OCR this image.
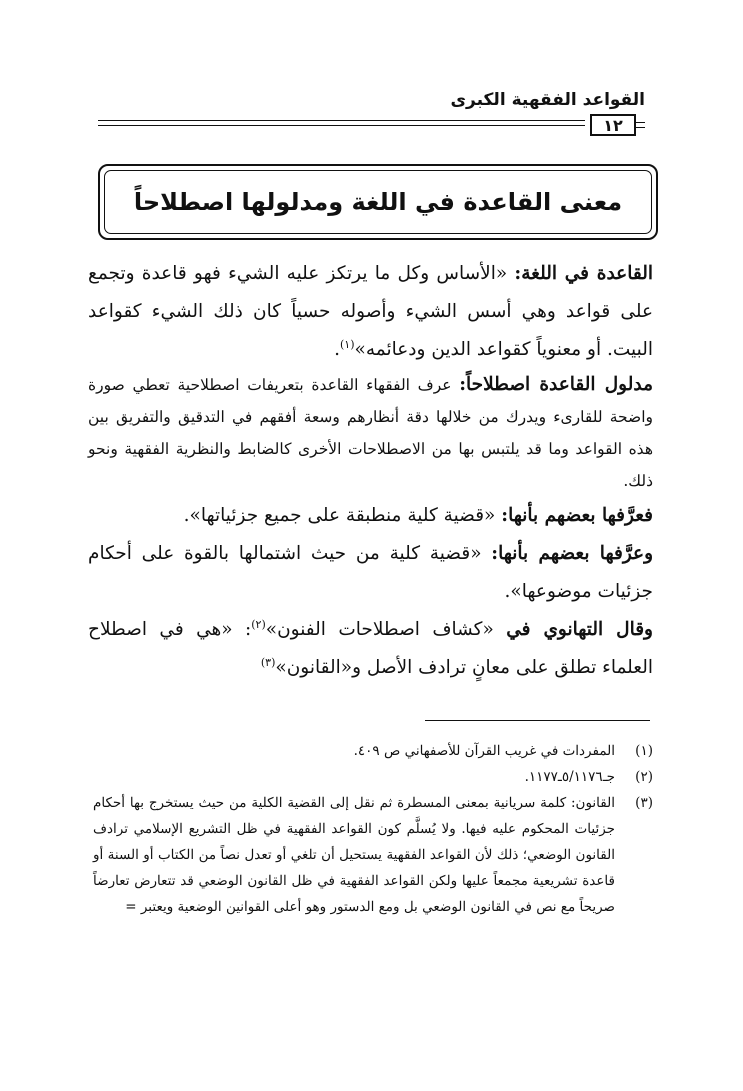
القواعد الفقهية الكبرى
١٢
معنى القاعدة في اللغة ومدلولها اصطلاحاً

القاعدة في اللغة: «الأساس وكل ما يرتكز عليه الشيء فهو قاعدة وتجمع على قواعد وهي أسس الشيء وأصوله حسياً كان ذلك الشيء كقواعد البيت. أو معنوياً كقواعد الدين ودعائمه»$^{(١)}$.

مدلول القاعدة اصطلاحاً: عرف الفقهاء القاعدة بتعريفات اصطلاحية تعطي صورة واضحة للقارىء ويدرك من خلالها دقة أنظارهم وسعة أفقهم في التدقيق والتفريق بين هذه القواعد وما قد يلتبس بها من الاصطلاحات الأخرى كالضابط والنظرية الفقهية ونحو ذلك.

فعرَّفها بعضهم بأنها: «قضية كلية منطبقة على جميع جزئياتها».

وعرَّفها بعضهم بأنها: «قضية كلية من حيث اشتمالها بالقوة على أحكام جزئيات موضوعها».

وقال التهانوي في «كشاف اصطلاحات الفنون»$^{(٢)}$: «هي في اصطلاح العلماء تطلق على معانٍ ترادف الأصل و«القانون»$^{(٣)}$

(١)
المفردات في غريب القرآن للأصفهاني ص ٤٠٩.

(٢)
جـ٥/١١٧٦ـ١١٧٧.

(٣)
القانون: كلمة سريانية بمعنى المسطرة ثم نقل إلى القضية الكلية من حيث يستخرج بها أحكام جزئيات المحكوم عليه فيها. ولا يُسلَّم كون القواعد الفقهية في ظل التشريع الإسلامي ترادف القانون الوضعي؛ ذلك لأن القواعد الفقهية يستحيل أن تلغي أو تعدل نصاً من الكتاب أو السنة أو قاعدة تشريعية مجمعاً عليها ولكن القواعد الفقهية في ظل القانون الوضعي قد تتعارض تعارضاً صريحاً مع نص في القانون الوضعي بل ومع الدستور وهو أعلى القوانين الوضعية ويعتبر =
